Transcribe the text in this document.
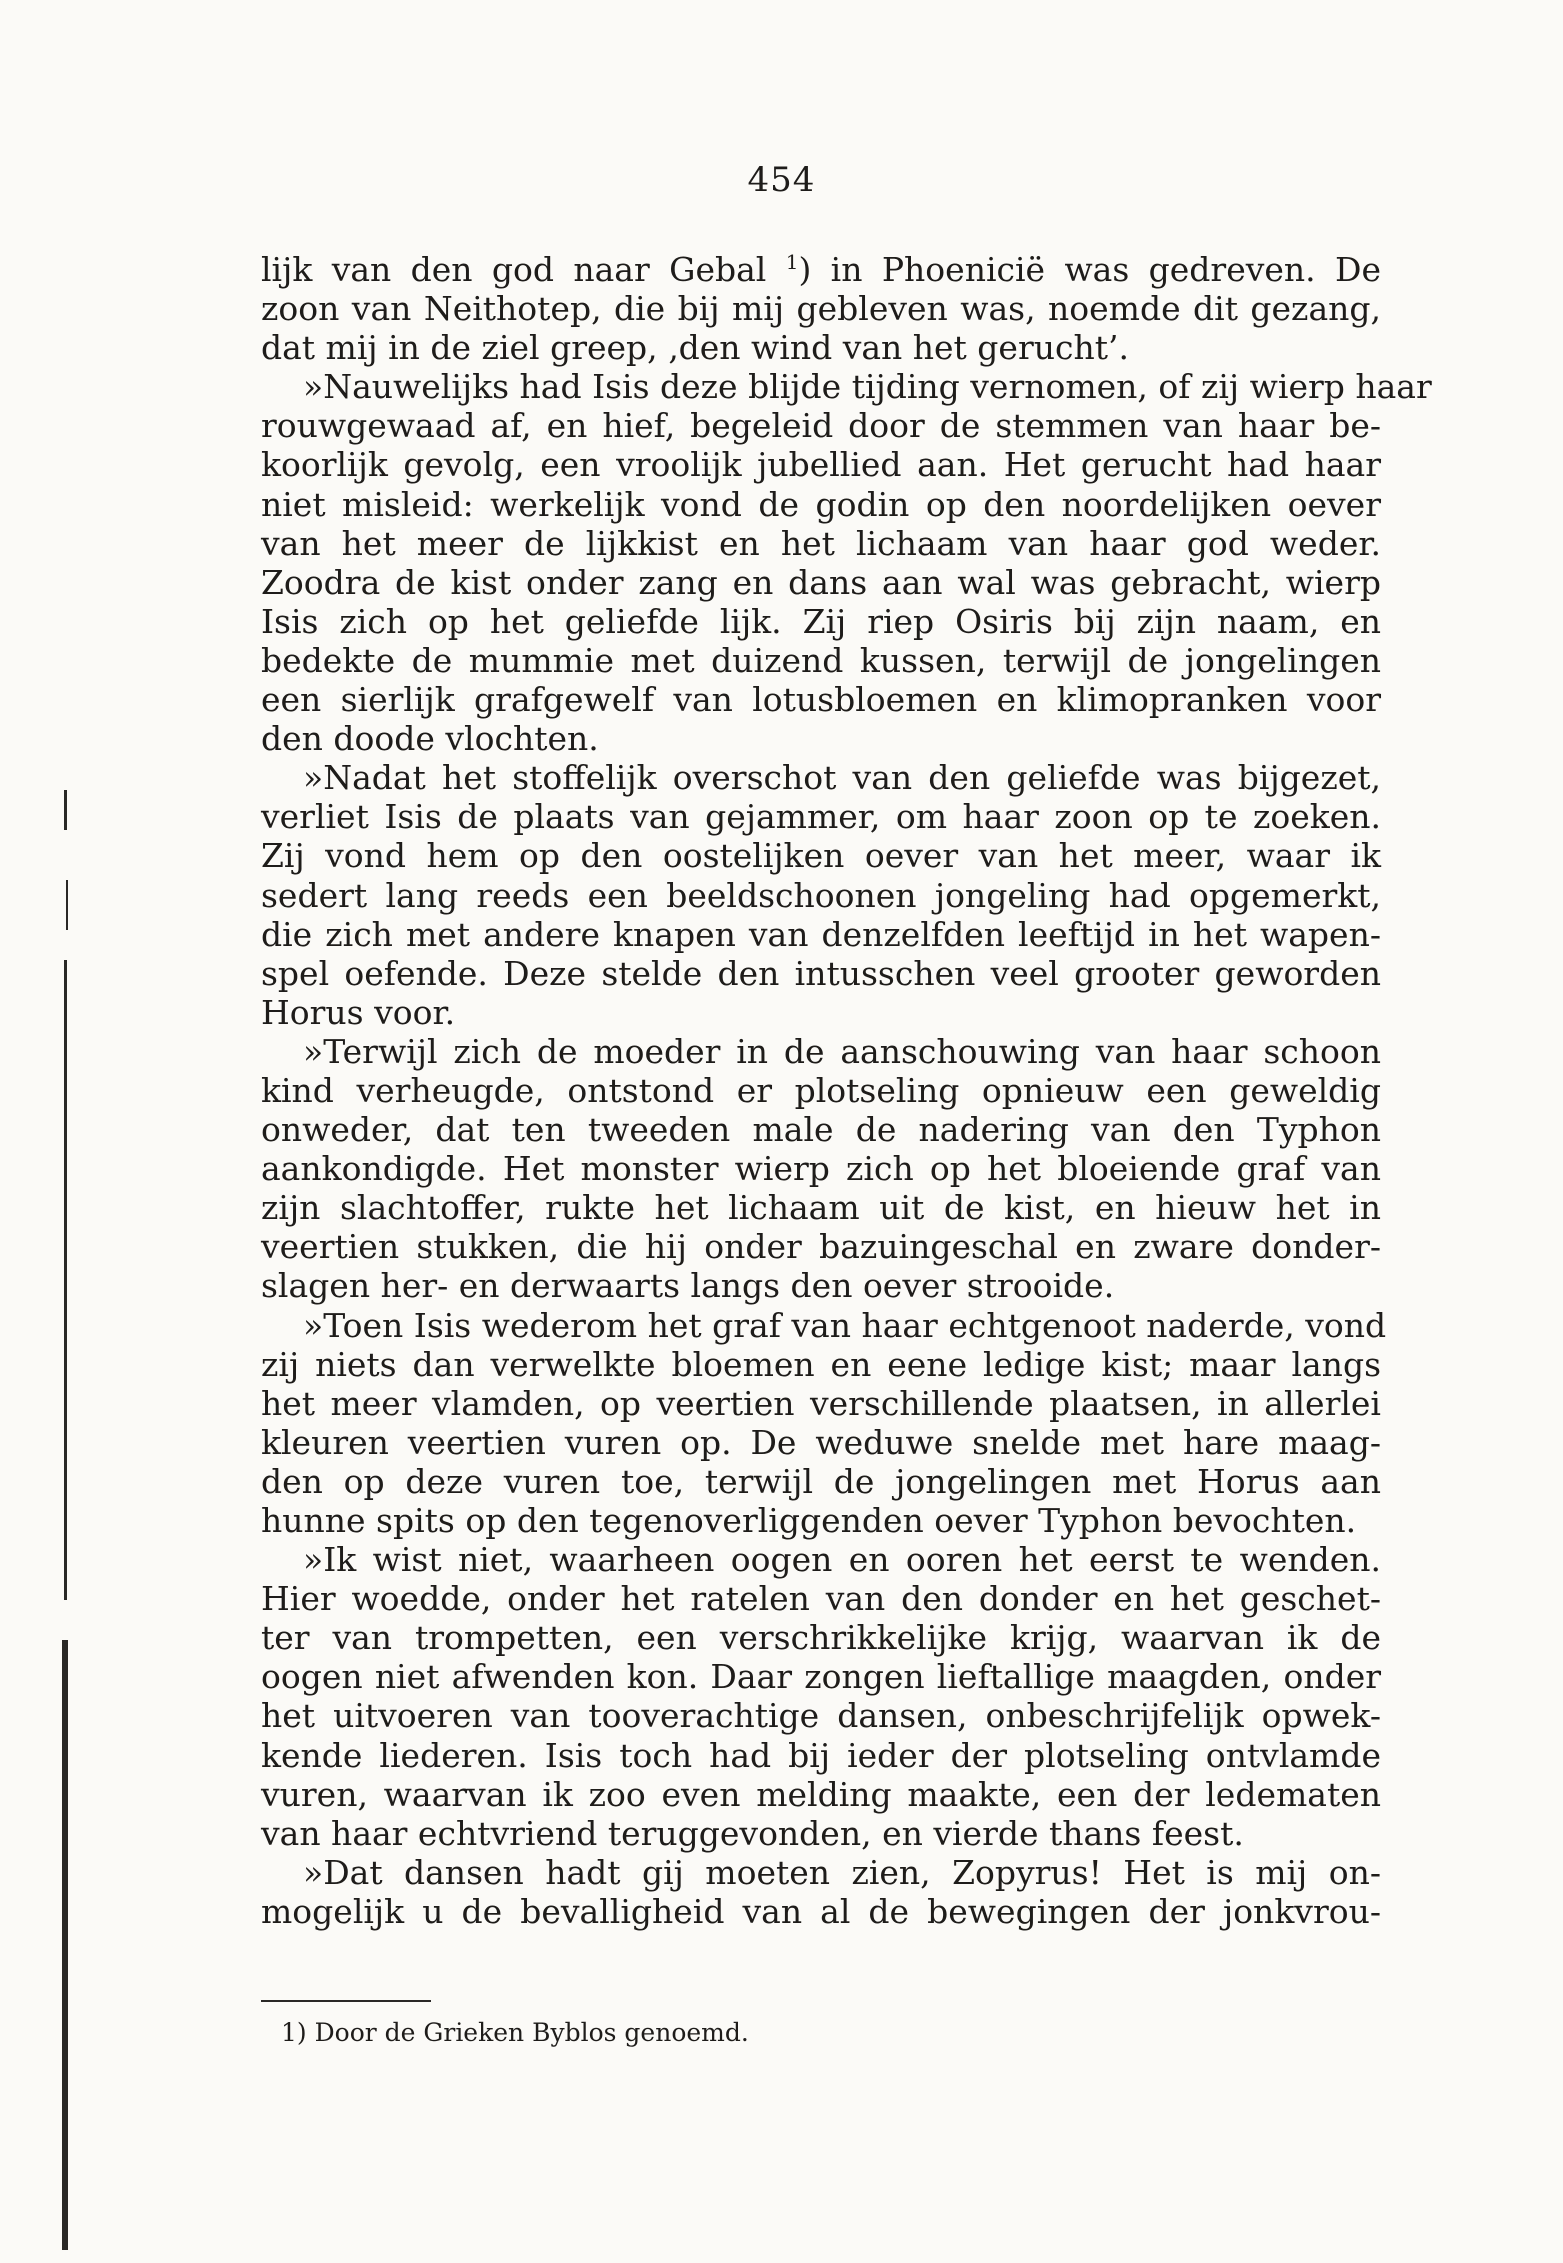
454
lijk van den god naar Gebal $^1$) in Phoenicië was gedreven. De
zoon van Neithotep, die bij mij gebleven was, noemde dit gezang,
dat mij in de ziel greep, ‚den wind van het gerucht’.
»Nauwelijks had Isis deze blijde tijding vernomen, of zij wierp haar
rouwgewaad af, en hief, begeleid door de stemmen van haar be-
koorlijk gevolg, een vroolijk jubellied aan. Het gerucht had haar
niet misleid: werkelijk vond de godin op den noordelijken oever
van het meer de lijkkist en het lichaam van haar god weder.
Zoodra de kist onder zang en dans aan wal was gebracht, wierp
Isis zich op het geliefde lijk. Zij riep Osiris bij zijn naam, en
bedekte de mummie met duizend kussen, terwijl de jongelingen
een sierlijk grafgewelf van lotusbloemen en klimopranken voor
den doode vlochten.
»Nadat het stoffelijk overschot van den geliefde was bijgezet,
verliet Isis de plaats van gejammer, om haar zoon op te zoeken.
Zij vond hem op den oostelijken oever van het meer, waar ik
sedert lang reeds een beeldschoonen jongeling had opgemerkt,
die zich met andere knapen van denzelfden leeftijd in het wapen-
spel oefende. Deze stelde den intusschen veel grooter geworden
Horus voor.
»Terwijl zich de moeder in de aanschouwing van haar schoon
kind verheugde, ontstond er plotseling opnieuw een geweldig
onweder, dat ten tweeden male de nadering van den Typhon
aankondigde. Het monster wierp zich op het bloeiende graf van
zijn slachtoffer, rukte het lichaam uit de kist, en hieuw het in
veertien stukken, die hij onder bazuingeschal en zware donder-
slagen her- en derwaarts langs den oever strooide.
»Toen Isis wederom het graf van haar echtgenoot naderde, vond
zij niets dan verwelkte bloemen en eene ledige kist; maar langs
het meer vlamden, op veertien verschillende plaatsen, in allerlei
kleuren veertien vuren op. De weduwe snelde met hare maag-
den op deze vuren toe, terwijl de jongelingen met Horus aan
hunne spits op den tegenoverliggenden oever Typhon bevochten.
»Ik wist niet, waarheen oogen en ooren het eerst te wenden.
Hier woedde, onder het ratelen van den donder en het geschet-
ter van trompetten, een verschrikkelijke krijg, waarvan ik de
oogen niet afwenden kon. Daar zongen lieftallige maagden, onder
het uitvoeren van tooverachtige dansen, onbeschrijfelijk opwek-
kende liederen. Isis toch had bij ieder der plotseling ontvlamde
vuren, waarvan ik zoo even melding maakte, een der ledematen
van haar echtvriend teruggevonden, en vierde thans feest.
»Dat dansen hadt gij moeten zien, Zopyrus! Het is mij on-
mogelijk u de bevalligheid van al de bewegingen der jonkvrou-
1) Door de Grieken Byblos genoemd.
